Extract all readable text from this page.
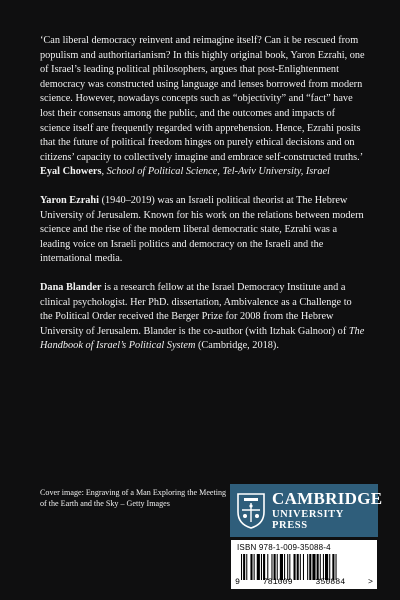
‘Can liberal democracy reinvent and reimagine itself? Can it be rescued from populism and authoritarianism? In this highly original book, Yaron Ezrahi, one of Israel’s leading political philosophers, argues that post-Enlightenment democracy was constructed using language and lenses borrowed from modern science. However, nowadays concepts such as “objectivity” and “fact” have lost their consensus among the public, and the outcomes and impacts of science itself are frequently regarded with apprehension. Hence, Ezrahi posits that the future of political freedom hinges on purely ethical decisions and on citizens’ capacity to collectively imagine and embrace self-constructed truths.’
Eyal Chowers, School of Political Science, Tel-Aviv University, Israel

Yaron Ezrahi (1940–2019) was an Israeli political theorist at The Hebrew University of Jerusalem. Known for his work on the relations between modern science and the rise of the modern liberal democratic state, Ezrahi was a leading voice on Israeli politics and democracy on the Israeli and the international media.

Dana Blander is a research fellow at the Israel Democracy Institute and a clinical psychologist. Her PhD. dissertation, Ambivalence as a Challenge to the Political Order received the Berger Prize for 2008 from the Hebrew University of Jerusalem. Blander is the co-author (with Itzhak Galnoor) of The Handbook of Israel’s Political System (Cambridge, 2018).

Cover image: Engraving of a Man Exploring the Meeting of the Earth and the Sky – Getty Images	CAMBRIDGE
UNIVERSITY PRESS
ISBN 978-1-009-35088-4
9	781009	350884	>
